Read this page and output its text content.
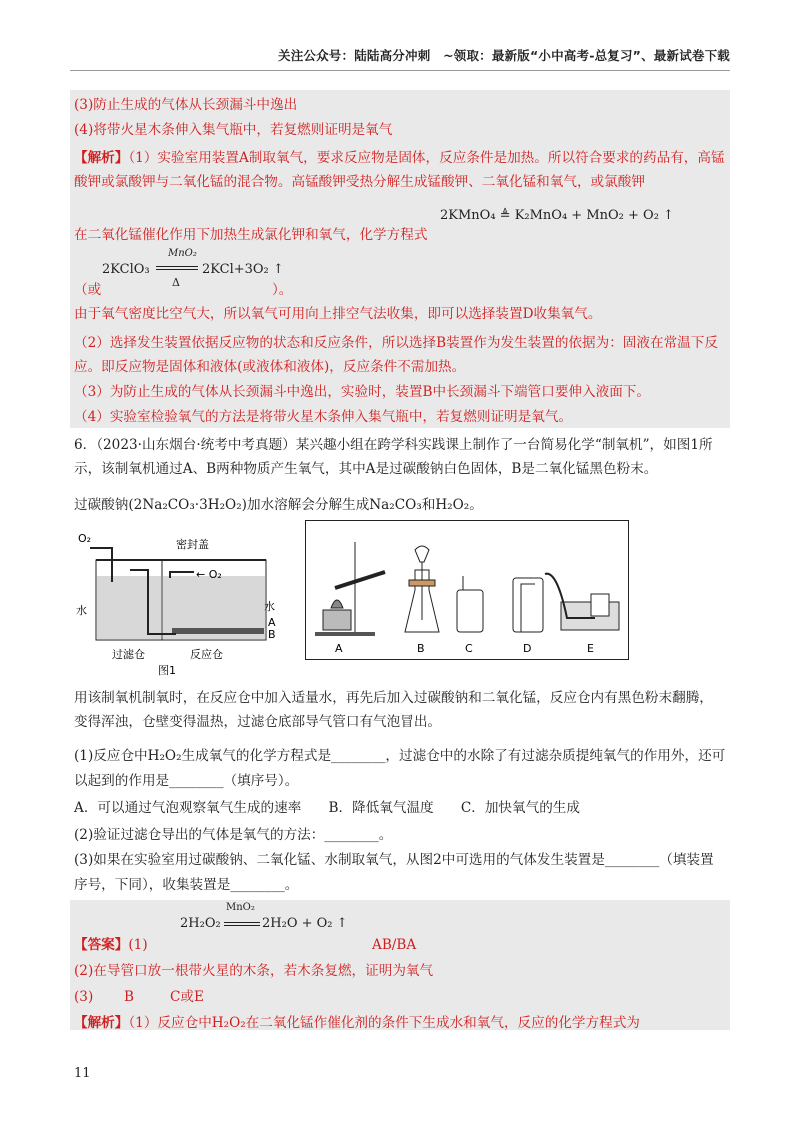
关注公众号：陆陆高分冲刺　~领取：最新版“小中高考-总复习”、最新试卷下载
(3)防止生成的气体从长颈漏斗中逸出
(4)将带火星木条伸入集气瓶中，若复燃则证明是氧气
【解析】（1）实验室用装置A制取氧气，要求反应物是固体，反应条件是加热。所以符合要求的药品有，高锰酸钾或氯酸钾与二氧化锰的混合物。高锰酸钾受热分解生成锰酸钾、二氧化锰和氧气，或氯酸钾
2KMnO₄ ≜ K₂MnO₄ + MnO₂ + O₂ ↑
在二氧化锰催化作用下加热生成氯化钾和氧气，化学方程式
2KClO₃
MnO₂
Δ
2KCl+3O₂ ↑
（或	）。
由于氧气密度比空气大，所以氧气可用向上排空气法收集，即可以选择装置D收集氧气。
（2）选择发生装置依据反应物的状态和反应条件，所以选择B装置作为发生装置的依据为：固液在常温下反应。即反应物是固体和液体(或液体和液体)，反应条件不需加热。
（3）为防止生成的气体从长颈漏斗中逸出，实验时，装置B中长颈漏斗下端管口要伸入液面下。
（4）实验室检验氧气的方法是将带火星木条伸入集气瓶中，若复燃则证明是氧气。
6．（2023·山东烟台·统考中考真题）某兴趣小组在跨学科实践课上制作了一台简易化学“制氧机”，如图1所示，该制氧机通过A、B两种物质产生氧气，其中A是过碳酸钠白色固体，B是二氧化锰黑色粉末。
过碳酸钠(2Na₂CO₃·3H₂O₂)加水溶解会分解生成Na₂CO₃和H₂O₂。
O₂	密封盖
← O₂
水	水
A
B
过滤仓	反应仓
图1
A	B	C	D	E
用该制氧机制氧时，在反应仓中加入适量水，再先后加入过碳酸钠和二氧化锰，反应仓内有黑色粉末翻腾，变得浑浊，仓壁变得温热，过滤仓底部导气管口有气泡冒出。
(1)反应仓中H₂O₂生成氧气的化学方程式是________，过滤仓中的水除了有过滤杂质提纯氧气的作用外，还可以起到的作用是________（填序号）。
A．可以通过气泡观察氧气生成的速率　　B．降低氧气温度　　C．加快氧气的生成
(2)验证过滤仓导出的气体是氧气的方法：________。
(3)如果在实验室用过碳酸钠、二氧化锰、水制取氧气，从图2中可选用的气体发生装置是________（填装置序号，下同），收集装置是________。
2H₂O₂
MnO₂
2H₂O + O₂ ↑
【答案】(1)	AB/BA
(2)在导管口放一根带火星的木条，若木条复燃，证明为氧气
(3) B	C或E
【解析】（1）反应仓中H₂O₂在二氧化锰作催化剂的条件下生成水和氧气，反应的化学方程式为
11
